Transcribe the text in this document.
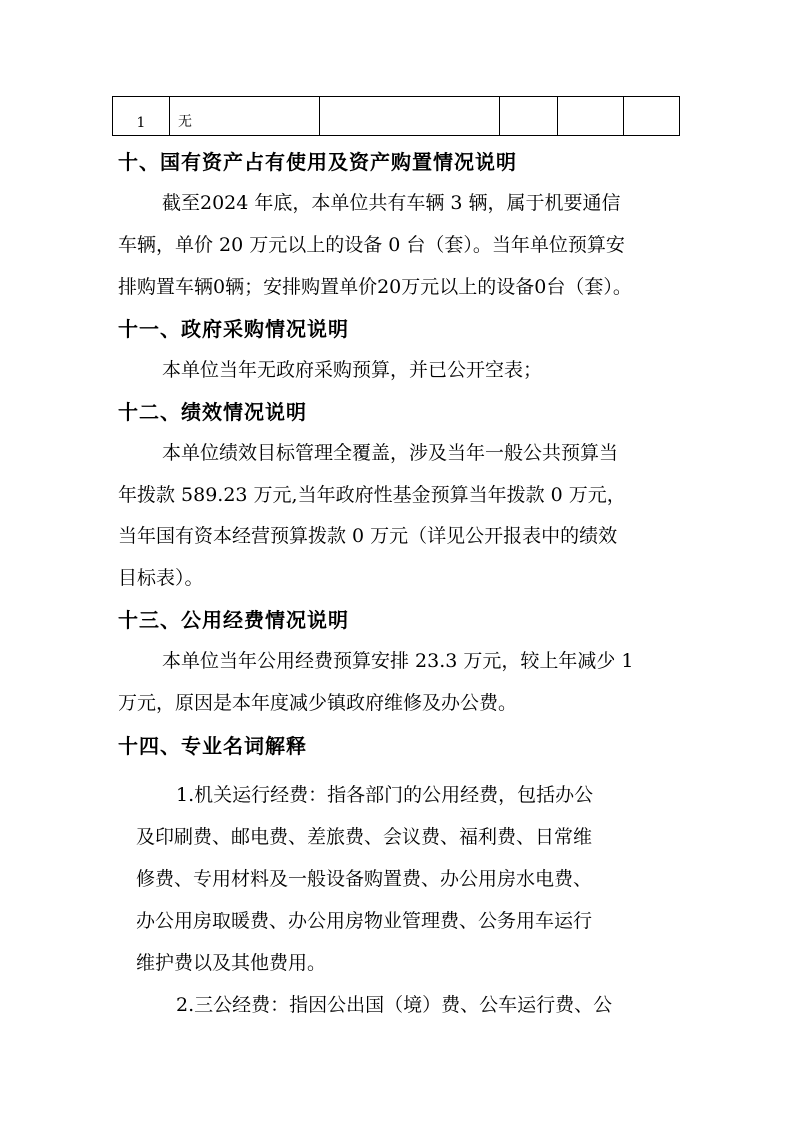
1	无
十、国有资产占有使用及资产购置情况说明
截至2024 年底，本单位共有车辆 3 辆，属于机要通信
车辆，单价 20 万元以上的设备 0 台（套）。当年单位预算安
排购置车辆0辆；安排购置单价20万元以上的设备0台（套）。
十一、政府采购情况说明
本单位当年无政府采购预算，并已公开空表；
十二、绩效情况说明
本单位绩效目标管理全覆盖，涉及当年一般公共预算当
年拨款 589.23 万元,当年政府性基金预算当年拨款 0 万元，
当年国有资本经营预算拨款 0 万元（详见公开报表中的绩效
目标表）。
十三、公用经费情况说明
本单位当年公用经费预算安排 23.3 万元，较上年减少 1
万元，原因是本年度减少镇政府维修及办公费。
十四、专业名词解释
1.机关运行经费：指各部门的公用经费，包括办公
及印刷费、邮电费、差旅费、会议费、福利费、日常维
修费、专用材料及一般设备购置费、办公用房水电费、
办公用房取暖费、办公用房物业管理费、公务用车运行
维护费以及其他费用。
2.三公经费：指因公出国（境）费、公车运行费、公
